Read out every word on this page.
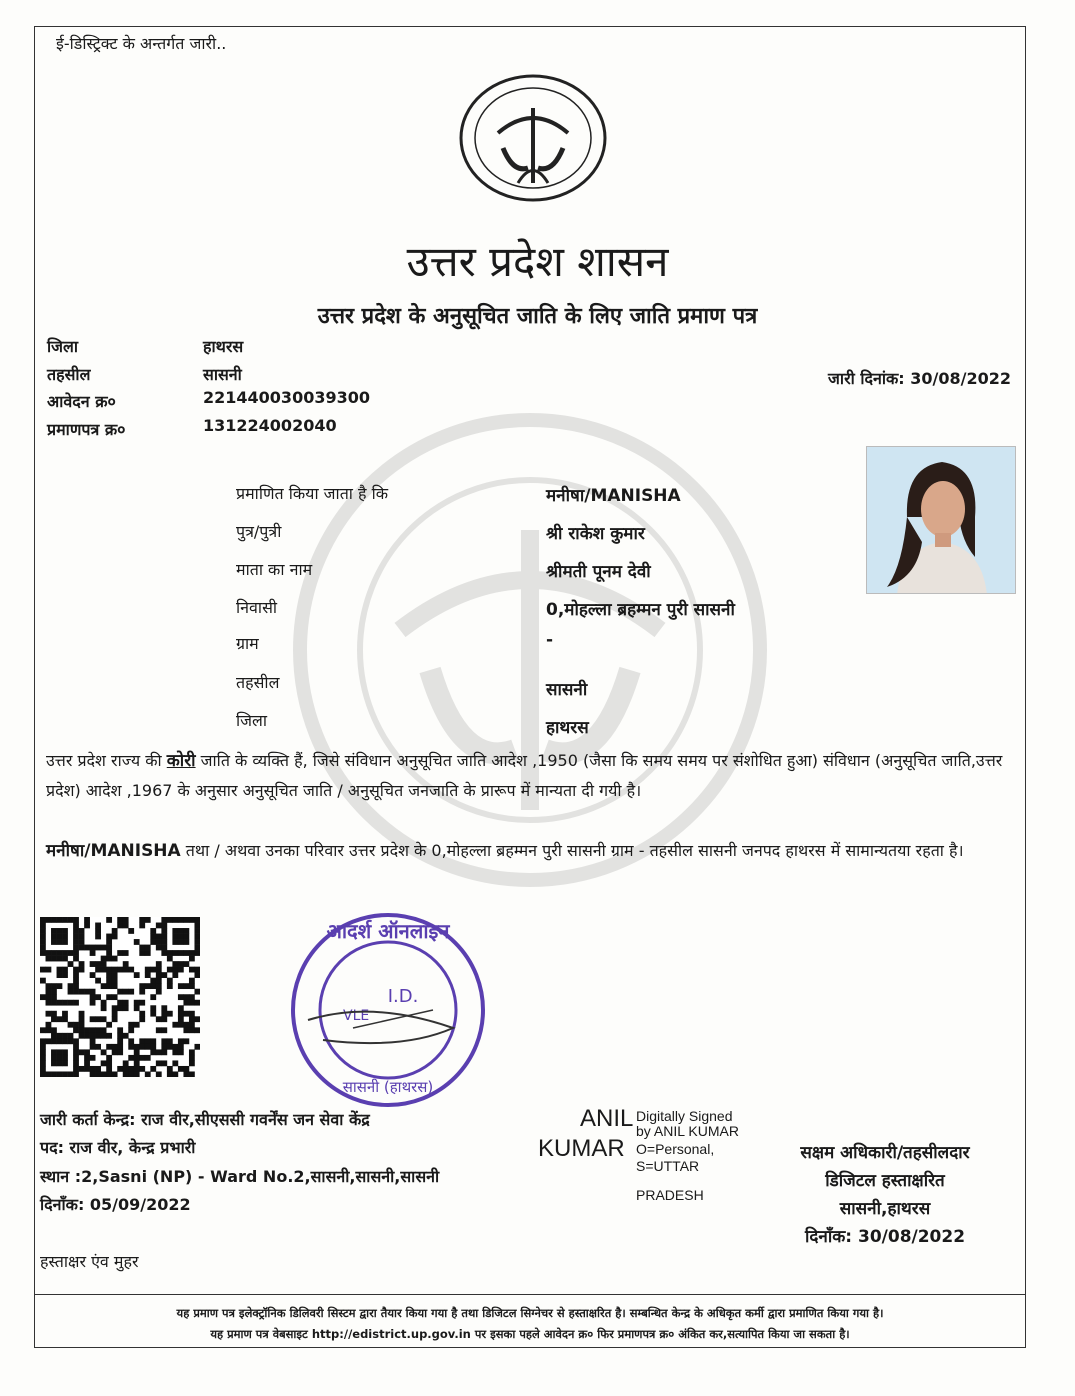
ई-डिस्ट्रिक्ट के अन्तर्गत जारी..
उत्तर प्रदेश शासन
उत्तर प्रदेश के अनुसूचित जाति के लिए जाति प्रमाण पत्र
जिला	हाथरस
तहसील	सासनी
आवेदन क्र०	221440030039300
प्रमाणपत्र क्र०	131224002040
जारी दिनांक: 30/08/2022
प्रमाणित किया जाता है कि	मनीषा/MANISHA
पुत्र/पुत्री	श्री राकेश कुमार
माता का नाम	श्रीमती पूनम देवी
निवासी	0,मोहल्ला ब्रहम्मन पुरी सासनी
ग्राम	-
तहसील	सासनी
जिला	हाथरस
उत्तर प्रदेश राज्य की कोरी जाति के व्यक्ति हैं, जिसे संविधान अनुसूचित जाति आदेश ,1950 (जैसा कि समय समय पर संशोधित हुआ) संविधान (अनुसूचित जाति,उत्तर प्रदेश) आदेश ,1967 के अनुसार अनुसूचित जाति / अनुसूचित जनजाति के प्रारूप में मान्यता दी गयी है।
मनीषा/MANISHA तथा / अथवा उनका परिवार उत्तर प्रदेश के 0,मोहल्ला ब्रहम्मन पुरी सासनी ग्राम - तहसील सासनी जनपद हाथरस में सामान्यतया रहता है।
आदर्श ऑनलाइन
I.D.
VLE
सासनी (हाथरस)
जारी कर्ता केन्द्र: राज वीर,सीएससी गवर्नेंस जन सेवा केंद्र
पद: राज वीर, केन्द्र प्रभारी
स्थान :2,Sasni (NP) - Ward No.2,सासनी,सासनी,सासनी
दिनाँक: 05/09/2022
हस्ताक्षर एंव मुहर
ANIL
KUMAR
Digitally Signed
by ANIL KUMAR
O=Personal,
S=UTTAR
PRADESH
सक्षम अधिकारी/तहसीलदार
डिजिटल हस्ताक्षरित
सासनी,हाथरस
दिनाँक: 30/08/2022
यह प्रमाण पत्र इलेक्ट्रॉनिक डिलिवरी सिस्टम द्वारा तैयार किया गया है तथा डिजिटल सिग्नेचर से हस्ताक्षरित है। सम्बन्धित केन्द्र के अधिकृत कर्मी द्वारा प्रमाणित किया गया है।
यह प्रमाण पत्र वेबसाइट http://edistrict.up.gov.in पर इसका पहले आवेदन क्र० फिर प्रमाणपत्र क्र० अंकित कर,सत्यापित किया जा सकता है।
